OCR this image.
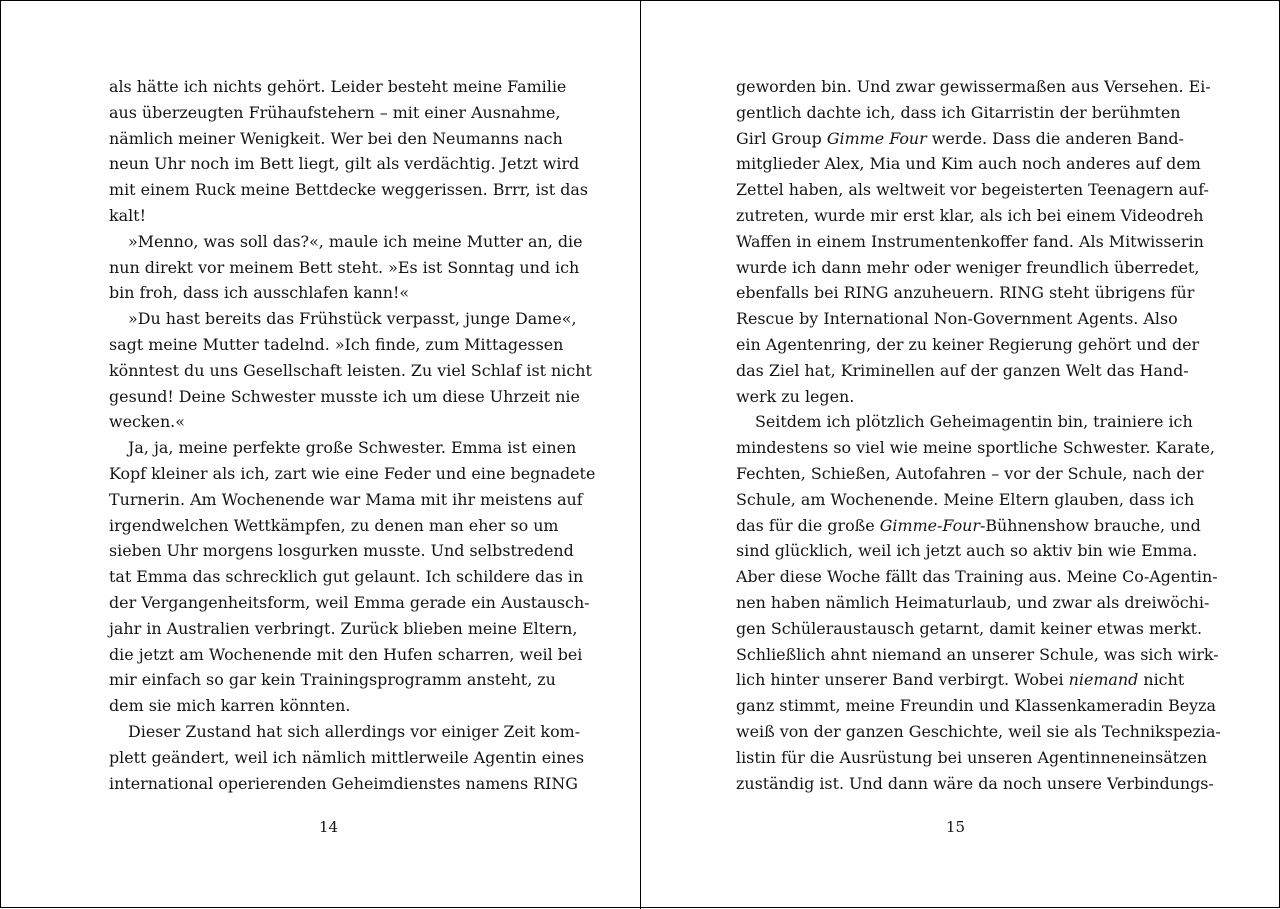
als hätte ich nichts gehört. Leider besteht meine Familie
aus überzeugten Frühaufstehern – mit einer Ausnahme,
nämlich meiner Wenigkeit. Wer bei den Neumanns nach
neun Uhr noch im Bett liegt, gilt als verdächtig. Jetzt wird
mit einem Ruck meine Bettdecke weggerissen. Brrr, ist das
kalt!
»Menno, was soll das?«, maule ich meine Mutter an, die
nun direkt vor meinem Bett steht. »Es ist Sonntag und ich
bin froh, dass ich ausschlafen kann!«
»Du hast bereits das Frühstück verpasst, junge Dame«,
sagt meine Mutter tadelnd. »Ich finde, zum Mittagessen
könntest du uns Gesellschaft leisten. Zu viel Schlaf ist nicht
gesund! Deine Schwester musste ich um diese Uhrzeit nie
wecken.«
Ja, ja, meine perfekte große Schwester. Emma ist einen
Kopf kleiner als ich, zart wie eine Feder und eine begnadete
Turnerin. Am Wochenende war Mama mit ihr meistens auf
irgendwelchen Wettkämpfen, zu denen man eher so um
sieben Uhr morgens losgurken musste. Und selbstredend
tat Emma das schrecklich gut gelaunt. Ich schildere das in
der Vergangenheitsform, weil Emma gerade ein Austausch-
jahr in Australien verbringt. Zurück blieben meine Eltern,
die jetzt am Wochenende mit den Hufen scharren, weil bei
mir einfach so gar kein Trainingsprogramm ansteht, zu
dem sie mich karren könnten.
Dieser Zustand hat sich allerdings vor einiger Zeit kom-
plett geändert, weil ich nämlich mittlerweile Agentin eines
international operierenden Geheimdienstes namens RING
14
geworden bin. Und zwar gewissermaßen aus Versehen. Ei-
gentlich dachte ich, dass ich Gitarristin der berühmten
Girl Group Gimme Four werde. Dass die anderen Band-
mitglieder Alex, Mia und Kim auch noch anderes auf dem
Zettel haben, als weltweit vor begeisterten Teenagern auf-
zutreten, wurde mir erst klar, als ich bei einem Videodreh
Waffen in einem Instrumentenkoffer fand. Als Mitwisserin
wurde ich dann mehr oder weniger freundlich überredet,
ebenfalls bei RING anzuheuern. RING steht übrigens für
Rescue by International Non-Government Agents. Also
ein Agentenring, der zu keiner Regierung gehört und der
das Ziel hat, Kriminellen auf der ganzen Welt das Hand-
werk zu legen.
Seitdem ich plötzlich Geheimagentin bin, trainiere ich
mindestens so viel wie meine sportliche Schwester. Karate,
Fechten, Schießen, Autofahren – vor der Schule, nach der
Schule, am Wochenende. Meine Eltern glauben, dass ich
das für die große Gimme-Four-Bühnenshow brauche, und
sind glücklich, weil ich jetzt auch so aktiv bin wie Emma.
Aber diese Woche fällt das Training aus. Meine Co-Agentin-
nen haben nämlich Heimaturlaub, und zwar als dreiwöchi-
gen Schüleraustausch getarnt, damit keiner etwas merkt.
Schließlich ahnt niemand an unserer Schule, was sich wirk-
lich hinter unserer Band verbirgt. Wobei niemand nicht
ganz stimmt, meine Freundin und Klassenkameradin Beyza
weiß von der ganzen Geschichte, weil sie als Technikspezia-
listin für die Ausrüstung bei unseren Agentinneneinsätzen
zuständig ist. Und dann wäre da noch unsere Verbindungs-
15
